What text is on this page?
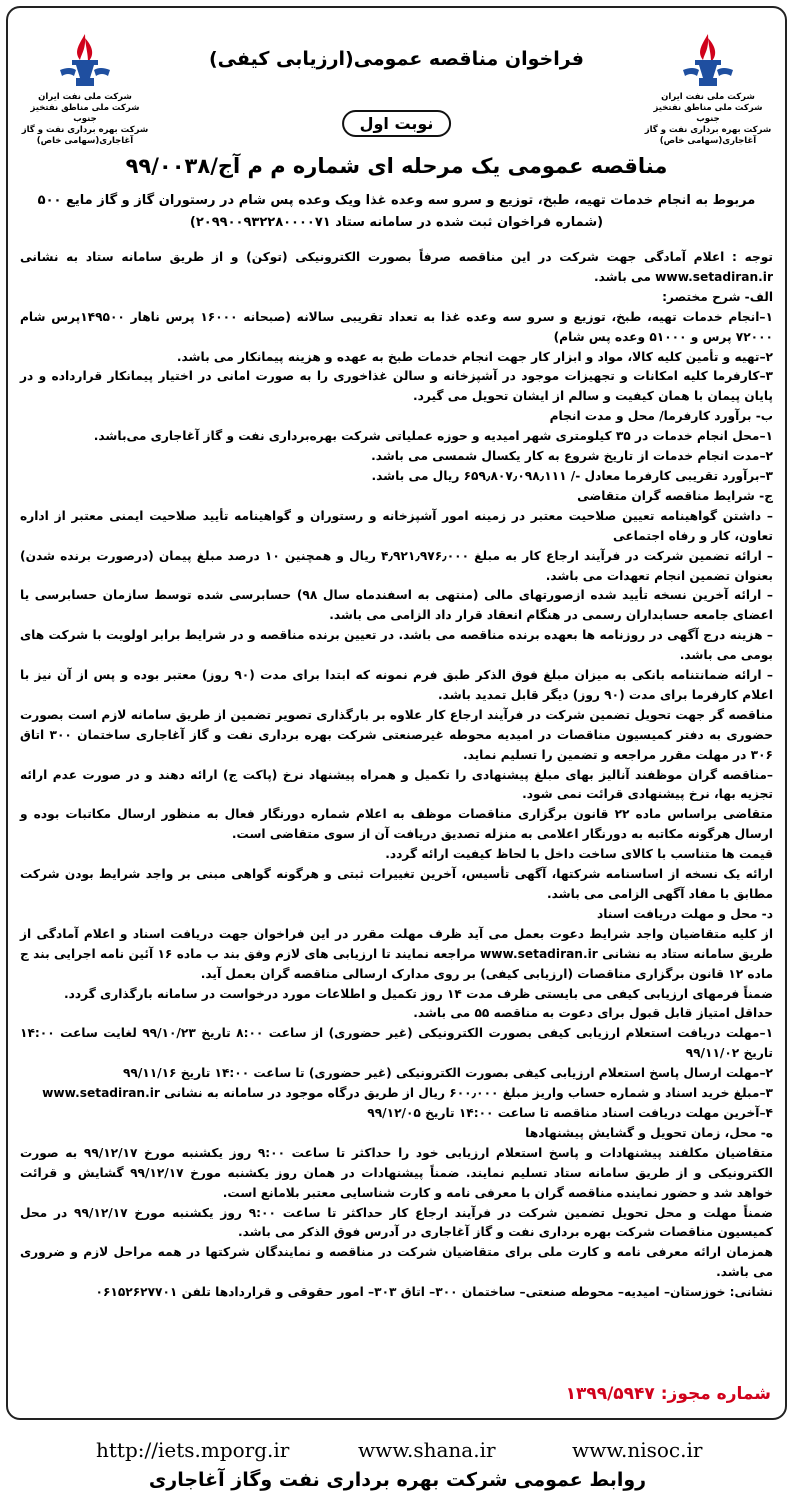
شرکت ملی نفت ایران
شرکت ملی مناطق نفتخیز جنوب
شرکت بهره برداری نفت و گاز آغاجاری(سهامی خاص)
شرکت ملی نفت ایران
شرکت ملی مناطق نفتخیز جنوب
شرکت بهره برداری نفت و گاز آغاجاری(سهامی خاص)
فراخوان مناقصه عمومی(ارزیابی کیفی)
نوبت اول
مناقصه عمومی یک مرحله ای شماره م م آج/۹۹/۰۰۳۸
مربوط به انجام خدمات تهیه، طبخ، توزیع و سرو سه وعده غذا ویک وعده پس شام در رستوران گاز و گاز مایع ۵۰۰
(شماره فراخوان ثبت شده در سامانه ستاد ۲۰۹۹۰۰۹۳۲۲۸۰۰۰۰۷۱)

توجه : اعلام آمادگی جهت شرکت در این مناقصه صرفاً بصورت الکترونیکی (توکن) و از طریق سامانه ستاد به نشانی www.setadiran.ir می باشد.

الف- شرح مختصر:

۱–انجام خدمات تهیه، طبخ، توزیع و سرو سه وعده غذا به تعداد تقریبی سالانه (صبحانه ۱۶۰۰۰ پرس ناهار ۱۴۹۵۰۰پرس شام ۷۲۰۰۰ پرس و ۵۱۰۰۰ وعده پس شام)

۲–تهیه و تأمین کلیه کالا، مواد و ابزار کار جهت انجام خدمات طبخ به عهده و هزینه پیمانکار می باشد.

۳–کارفرما کلیه امکانات و تجهیزات موجود در آشپزخانه و سالن غذاخوری را به صورت امانی در اختیار پیمانکار قرارداده و در پایان پیمان با همان کیفیت و سالم از ایشان تحویل می گیرد.

ب- برآورد کارفرما/ محل و مدت انجام

۱–محل انجام خدمات در ۳۵ کیلومتری شهر امیدیه و حوزه عملیاتی شرکت بهره‌برداری نفت و گاز آغاجاری می‌باشد.

۲–مدت انجام خدمات از تاریخ شروع به کار یکسال شمسی می باشد.

۳–برآورد تقریبی کارفرما معادل -/ ۶۵۹٫۸۰۷٫۰۹۸٫۱۱۱ ریال می باشد.

ج- شرایط مناقصه گران متقاضی

– داشتن گواهینامه تعیین صلاحیت معتبر در زمینه امور آشپزخانه و رستوران و گواهینامه تأیید صلاحیت ایمنی معتبر از اداره تعاون، کار و رفاه اجتماعی

– ارائه تضمین شرکت در فرآیند ارجاع کار به مبلغ ۴٫۹۲۱٫۹۷۶٫۰۰۰ ریال و همچنین ۱۰ درصد مبلغ پیمان (درصورت برنده شدن) بعنوان تضمین انجام تعهدات می باشد.

– ارائه آخرین نسخه تأیید شده ازصورتهای مالی (منتهی به اسفندماه سال ۹۸) حسابرسی شده توسط سازمان حسابرسی یا اعضای جامعه حسابداران رسمی در هنگام انعقاد قرار داد الزامی می باشد.

– هزینه درج آگهی در روزنامه ها بعهده برنده مناقصه می باشد. در تعیین برنده مناقصه و در شرایط برابر اولویت با شرکت های بومی می باشد.

– ارائه ضمانتنامه بانکی به میزان مبلغ فوق الذکر طبق فرم نمونه که ابتدا برای مدت (۹۰ روز) معتبر بوده و پس از آن نیز با اعلام کارفرما برای مدت (۹۰ روز) دیگر قابل تمدید باشد.

مناقصه گر جهت تحویل تضمین شرکت در فرآیند ارجاع کار علاوه بر بارگذاری تصویر تضمین از طریق سامانه لازم است بصورت حضوری به دفتر کمیسیون مناقصات در امیدیه محوطه غیرصنعتی شرکت بهره برداری نفت و گاز آغاجاری ساختمان ۳۰۰ اتاق ۳۰۶ در مهلت مقرر مراجعه و تضمین را تسلیم نماید.

–مناقصه گران موظفند آنالیز بهای مبلغ پیشنهادی را تکمیل و همراه پیشنهاد نرخ (پاکت ج) ارائه دهند و در صورت عدم ارائه تجزیه بها، نرخ پیشنهادی قرائت نمی شود.

متقاضی براساس ماده ۲۲ قانون برگزاری مناقصات موظف به اعلام شماره دورنگار فعال به منظور ارسال مکاتبات بوده و ارسال هرگونه مکاتبه به دورنگار اعلامی به منزله تصدیق دریافت آن از سوی متقاضی است.

قیمت ها متناسب با کالای ساخت داخل با لحاظ کیفیت ارائه گردد.

ارائه یک نسخه از اساسنامه شرکتها، آگهی تأسیس، آخرین تغییرات ثبتی و هرگونه گواهی مبنی بر واجد شرایط بودن شرکت مطابق با مفاد آگهی الزامی می باشد.

د- محل و مهلت دریافت اسناد

از کلیه متقاضیان واجد شرایط دعوت بعمل می آید ظرف مهلت مقرر در این فراخوان جهت دریافت اسناد و اعلام آمادگی از طریق سامانه ستاد به نشانی www.setadiran.ir مراجعه نمایند تا ارزیابی های لازم وفق بند ب ماده ۱۶ آئین نامه اجرایی بند ج ماده ۱۲ قانون برگزاری مناقصات (ارزیابی کیفی) بر روی مدارک ارسالی مناقصه گران بعمل آید.

ضمناً فرمهای ارزیابی کیفی می بایستی ظرف مدت ۱۴ روز تکمیل و اطلاعات مورد درخواست در سامانه بارگذاری گردد.

حداقل امتیاز قابل قبول برای دعوت به مناقصه ۵۵ می باشد.

۱–مهلت دریافت استعلام ارزیابی کیفی بصورت الکترونیکی (غیر حضوری) از ساعت ۸:۰۰ تاریخ ۹۹/۱۰/۲۳ لغایت ساعت ۱۴:۰۰ تاریخ ۹۹/۱۱/۰۲

۲–مهلت ارسال پاسخ استعلام ارزیابی کیفی بصورت الکترونیکی (غیر حضوری) تا ساعت ۱۴:۰۰ تاریخ ۹۹/۱۱/۱۶

۳–مبلغ خرید اسناد و شماره حساب واریز مبلغ ۶۰۰٫۰۰۰ ریال از طریق درگاه موجود در سامانه به نشانی www.setadiran.ir

۴–آخرین مهلت دریافت اسناد مناقصه تا ساعت ۱۴:۰۰ تاریخ ۹۹/۱۲/۰۵

ه- محل، زمان تحویل و گشایش پیشنهادها

متقاضیان مکلفند پیشنهادات و پاسخ استعلام ارزیابی خود را حداکثر تا ساعت ۹:۰۰ روز یکشنبه مورخ ۹۹/۱۲/۱۷ به صورت الکترونیکی و از طریق سامانه ستاد تسلیم نمایند. ضمناً پیشنهادات در همان روز یکشنبه مورخ ۹۹/۱۲/۱۷ گشایش و قرائت خواهد شد و حضور نماینده مناقصه گران با معرفی نامه و کارت شناسایی معتبر بلامانع است.

ضمناً مهلت و محل تحویل تضمین شرکت در فرآیند ارجاع کار حداکثر تا ساعت ۹:۰۰ روز یکشنبه مورخ ۹۹/۱۲/۱۷ در محل کمیسیون مناقصات شرکت بهره برداری نفت و گاز آغاجاری در آدرس فوق الذکر می باشد.

همزمان ارائه معرفی نامه و کارت ملی برای متقاضیان شرکت در مناقصه و نمایندگان شرکتها در همه مراحل لازم و ضروری می باشد.

نشانی: خوزستان– امیدیه– محوطه صنعتی– ساختمان ۳۰۰– اتاق ۳۰۳– امور حقوقی و قراردادها تلفن ۰۶۱۵۲۶۲۷۷۰۱

شماره مجوز: ۱۳۹۹/۵۹۴۷
http://iets.mporg.ir	www.shana.ir	www.nisoc.ir
روابط عمومی شرکت بهره برداری نفت وگاز آغاجاری
